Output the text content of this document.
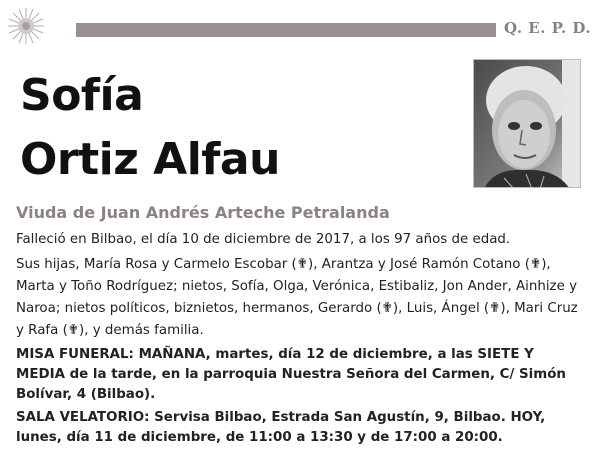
Q. E. P. D.
Sofía
Ortiz Alfau
Viuda de Juan Andrés Arteche Petralanda

Falleció en Bilbao, el día 10 de diciembre de 2017, a los 97 años de edad.

Sus hijas, María Rosa y Carmelo Escobar (✟), Arantza y José Ramón Cotano (✟), Marta y Toño Rodríguez; nietos, Sofía, Olga, Verónica, Estibaliz, Jon Ander, Ainhize y Naroa; nietos políticos, biznietos, hermanos, Gerardo (✟), Luis, Ángel (✟), Mari Cruz y Rafa (✟), y demás familia.

MISA FUNERAL: MAÑANA, martes, día 12 de diciembre, a las SIETE Y MEDIA de la tarde, en la parroquia Nuestra Señora del Carmen, C/ Simón Bolívar, 4 (Bilbao).

SALA VELATORIO: Servisa Bilbao, Estrada San Agustín, 9, Bilbao. HOY, lunes, día 11 de diciembre, de 11:00 a 13:30 y de 17:00 a 20:00.
